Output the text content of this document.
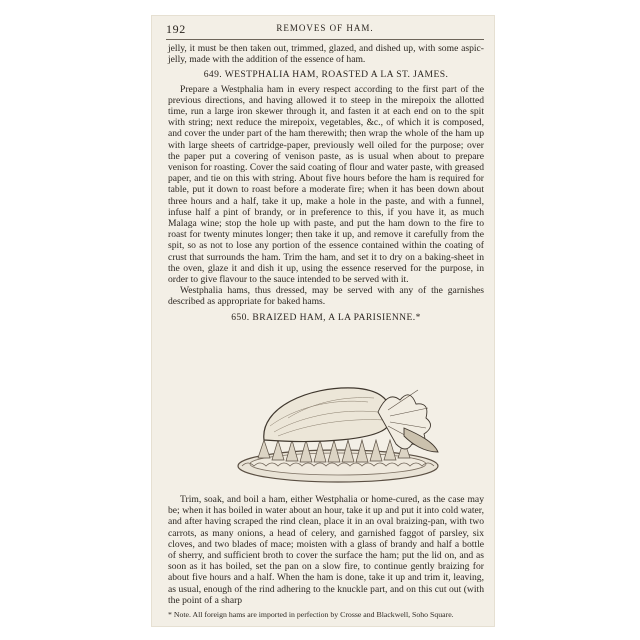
192	REMOVES OF HAM.

jelly, it must be then taken out, trimmed, glazed, and dished up, with some aspic-jelly, made with the addition of the essence of ham.

649. WESTPHALIA HAM, ROASTED A LA ST. JAMES.

Prepare a Westphalia ham in every respect according to the first part of the previous directions, and having allowed it to steep in the mirepoix the allotted time, run a large iron skewer through it, and fasten it at each end on to the spit with string; next reduce the mirepoix, vegetables, &c., of which it is composed, and cover the under part of the ham therewith; then wrap the whole of the ham up with large sheets of cartridge-paper, previously well oiled for the purpose; over the paper put a covering of venison paste, as is usual when about to prepare venison for roasting. Cover the said coating of flour and water paste, with greased paper, and tie on this with string. About five hours before the ham is required for table, put it down to roast before a moderate fire; when it has been down about three hours and a half, take it up, make a hole in the paste, and with a funnel, infuse half a pint of brandy, or in preference to this, if you have it, as much Malaga wine; stop the hole up with paste, and put the ham down to the fire to roast for twenty minutes longer; then take it up, and remove it carefully from the spit, so as not to lose any portion of the essence contained within the coating of crust that surrounds the ham. Trim the ham, and set it to dry on a baking-sheet in the oven, glaze it and dish it up, using the essence reserved for the purpose, in order to give flavour to the sauce intended to be served with it.

Westphalia hams, thus dressed, may be served with any of the garnishes described as appropriate for baked hams.

650. BRAIZED HAM, A LA PARISIENNE.*

Trim, soak, and boil a ham, either Westphalia or home-cured, as the case may be; when it has boiled in water about an hour, take it up and put it into cold water, and after having scraped the rind clean, place it in an oval braizing-pan, with two carrots, as many onions, a head of celery, and garnished faggot of parsley, six cloves, and two blades of mace; moisten with a glass of brandy and half a bottle of sherry, and sufficient broth to cover the surface the ham; put the lid on, and as soon as it has boiled, set the pan on a slow fire, to continue gently braizing for about five hours and a half. When the ham is done, take it up and trim it, leaving, as usual, enough of the rind adhering to the knuckle part, and on this cut out (with the point of a sharp

* Note. All foreign hams are imported in perfection by Crosse and Blackwell, Soho Square.
